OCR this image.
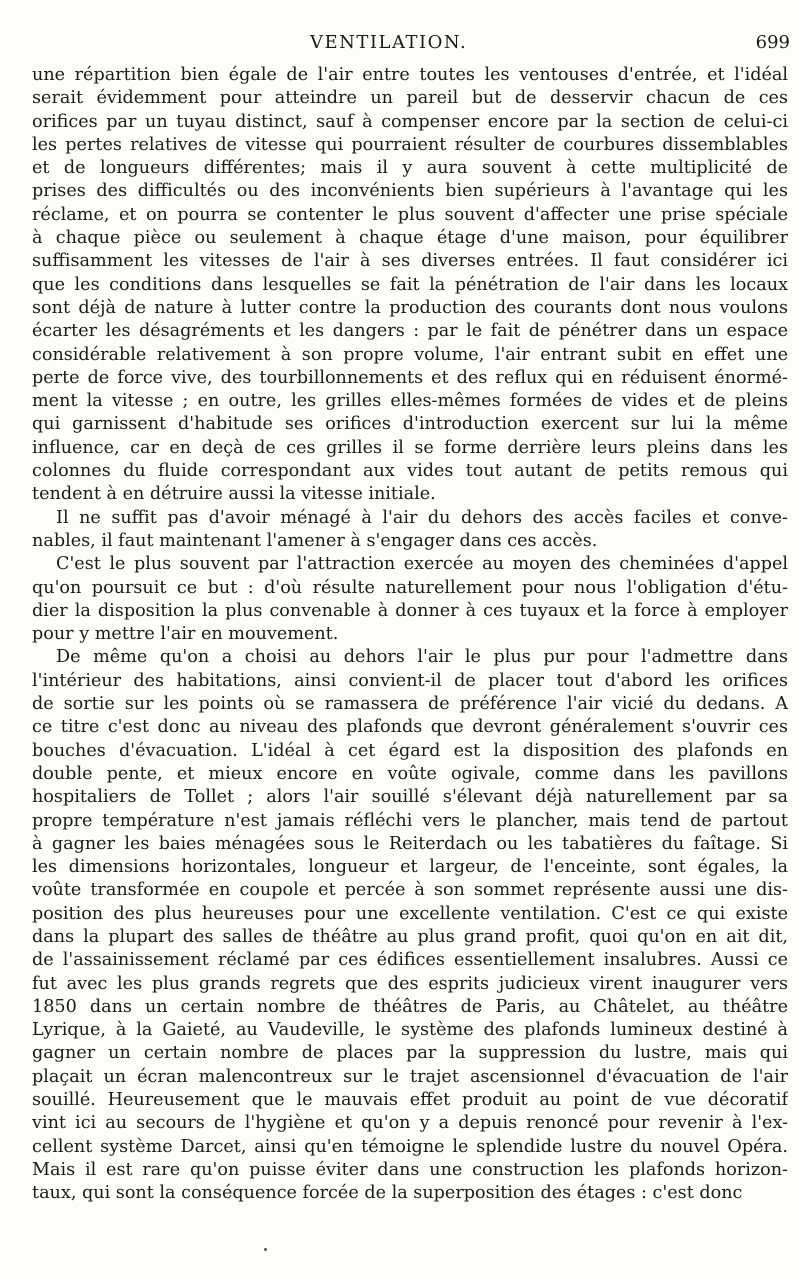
VENTILATION.	699
une répartition bien égale de l'air entre toutes les ventouses d'entrée, et l'idéal
serait évidemment pour atteindre un pareil but de desservir chacun de ces
orifices par un tuyau distinct, sauf à compenser encore par la section de celui-ci
les pertes relatives de vitesse qui pourraient résulter de courbures dissemblables
et de longueurs différentes; mais il y aura souvent à cette multiplicité de
prises des difficultés ou des inconvénients bien supérieurs à l'avantage qui les
réclame, et on pourra se contenter le plus souvent d'affecter une prise spéciale
à chaque pièce ou seulement à chaque étage d'une maison, pour équilibrer
suffisamment les vitesses de l'air à ses diverses entrées. Il faut considérer ici
que les conditions dans lesquelles se fait la pénétration de l'air dans les locaux
sont déjà de nature à lutter contre la production des courants dont nous voulons
écarter les désagréments et les dangers : par le fait de pénétrer dans un espace
considérable relativement à son propre volume, l'air entrant subit en effet une
perte de force vive, des tourbillonnements et des reflux qui en réduisent énormé-
ment la vitesse ; en outre, les grilles elles-mêmes formées de vides et de pleins
qui garnissent d'habitude ses orifices d'introduction exercent sur lui la même
influence, car en deçà de ces grilles il se forme derrière leurs pleins dans les
colonnes du fluide correspondant aux vides tout autant de petits remous qui
tendent à en détruire aussi la vitesse initiale.
Il ne suffit pas d'avoir ménagé à l'air du dehors des accès faciles et conve-
nables, il faut maintenant l'amener à s'engager dans ces accès.
C'est le plus souvent par l'attraction exercée au moyen des cheminées d'appel
qu'on poursuit ce but : d'où résulte naturellement pour nous l'obligation d'étu-
dier la disposition la plus convenable à donner à ces tuyaux et la force à employer
pour y mettre l'air en mouvement.
De même qu'on a choisi au dehors l'air le plus pur pour l'admettre dans
l'intérieur des habitations, ainsi convient-il de placer tout d'abord les orifices
de sortie sur les points où se ramassera de préférence l'air vicié du dedans. A
ce titre c'est donc au niveau des plafonds que devront généralement s'ouvrir ces
bouches d'évacuation. L'idéal à cet égard est la disposition des plafonds en
double pente, et mieux encore en voûte ogivale, comme dans les pavillons
hospitaliers de Tollet ; alors l'air souillé s'élevant déjà naturellement par sa
propre température n'est jamais réfléchi vers le plancher, mais tend de partout
à gagner les baies ménagées sous le Reiterdach ou les tabatières du faîtage. Si
les dimensions horizontales, longueur et largeur, de l'enceinte, sont égales, la
voûte transformée en coupole et percée à son sommet représente aussi une dis-
position des plus heureuses pour une excellente ventilation. C'est ce qui existe
dans la plupart des salles de théâtre au plus grand profit, quoi qu'on en ait dit,
de l'assainissement réclamé par ces édifices essentiellement insalubres. Aussi ce
fut avec les plus grands regrets que des esprits judicieux virent inaugurer vers
1850 dans un certain nombre de théâtres de Paris, au Châtelet, au théâtre
Lyrique, à la Gaieté, au Vaudeville, le système des plafonds lumineux destiné à
gagner un certain nombre de places par la suppression du lustre, mais qui
plaçait un écran malencontreux sur le trajet ascensionnel d'évacuation de l'air
souillé. Heureusement que le mauvais effet produit au point de vue décoratif
vint ici au secours de l'hygiène et qu'on y a depuis renoncé pour revenir à l'ex-
cellent système Darcet, ainsi qu'en témoigne le splendide lustre du nouvel Opéra.
Mais il est rare qu'on puisse éviter dans une construction les plafonds horizon-
taux, qui sont la conséquence forcée de la superposition des étages : c'est donc
